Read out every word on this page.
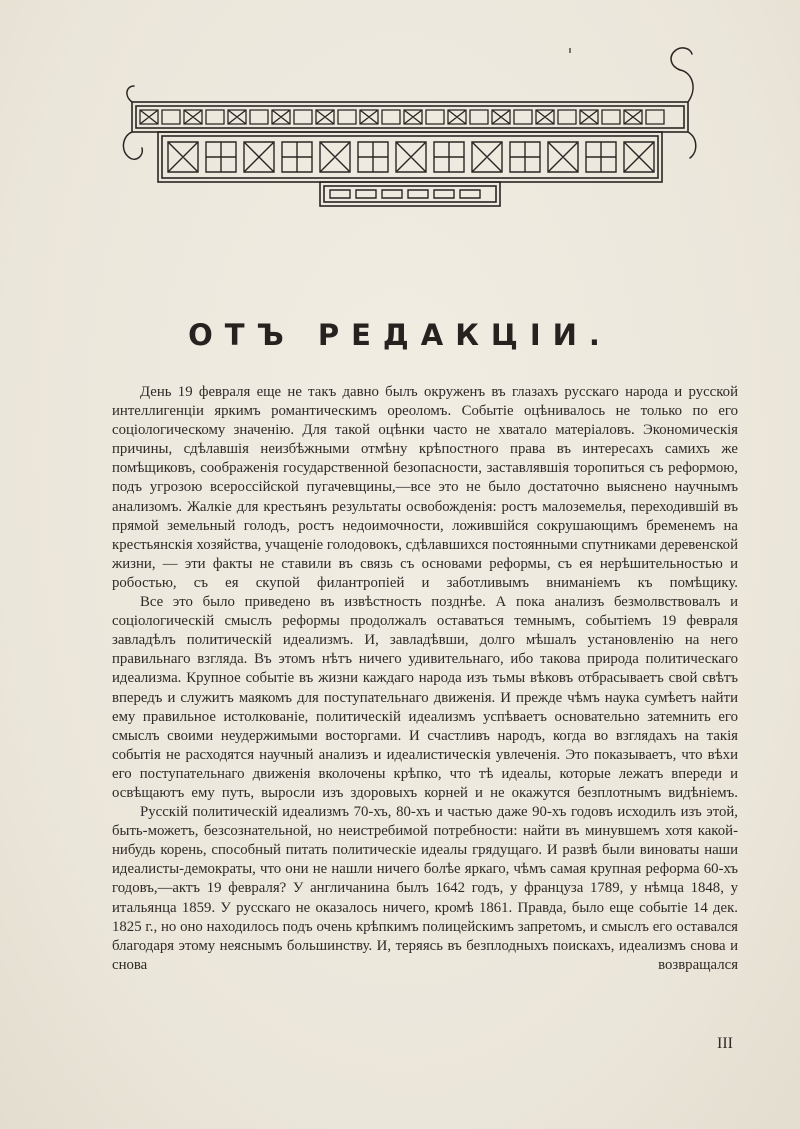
ОТЪ РЕДАКЦІИ.

День 19 февраля еще не такъ давно былъ окруженъ въ глазахъ русскаго народа и русской интеллигенціи яркимъ романтическимъ ореоломъ. Событіе оцѣнивалось не только по его соціологическому значенію. Для такой оцѣнки часто не хватало матеріаловъ. Экономическія причины, сдѣлавшія неизбѣжными отмѣну крѣпостного права въ интересахъ самихъ же помѣщиковъ, соображенія государственной безопасности, заставлявшія торопиться съ реформою, подъ угрозою всероссійской пугачевщины,—все это не было достаточно выяснено научнымъ анализомъ. Жалкіе для крестьянъ результаты освобожденія: ростъ малоземелья, переходившій въ прямой земельный голодъ, ростъ недоимочности, ложившійся сокрушающимъ бременемъ на крестьянскія хозяйства, учащеніе голодовокъ, сдѣлавшихся постоянными спутниками деревенской жизни, — эти факты не ставили въ связь съ основами реформы, съ ея нерѣшительностью и робостью, съ ея скупой филантропіей и заботливымъ вниманіемъ къ помѣщику.

Все это было приведено въ извѣстность позднѣе. А пока анализъ безмолвствовалъ и соціологическій смыслъ реформы продолжалъ оставаться темнымъ, событіемъ 19 февраля завладѣлъ политическій идеализмъ. И, завладѣвши, долго мѣшалъ установленію на него правильнаго взгляда. Въ этомъ нѣтъ ничего удивительнаго, ибо такова природа политическаго идеализма. Крупное событіе въ жизни каждаго народа изъ тьмы вѣковъ отбрасываетъ свой свѣтъ впередъ и служитъ маякомъ для поступательнаго движенія. И прежде чѣмъ наука сумѣетъ найти ему правильное истолкованіе, политическій идеализмъ успѣваетъ основательно затемнить его смыслъ своими неудержимыми восторгами. И счастливъ народъ, когда во взглядахъ на такія событія не расходятся научный анализъ и идеалистическія увлеченія. Это показываетъ, что вѣхи его поступательнаго движенія вколочены крѣпко, что тѣ идеалы, которые лежатъ впереди и освѣщаютъ ему путь, выросли изъ здоровыхъ корней и не окажутся безплотнымъ видѣніемъ.

Русскій политическій идеализмъ 70-хъ, 80-хъ и частью даже 90-хъ годовъ исходилъ изъ этой, быть-можетъ, безсознательной, но неистребимой потребности: найти въ минувшемъ хотя какой-нибудь корень, способный питать политическіе идеалы грядущаго. И развѣ были виноваты наши идеалисты-демократы, что они не нашли ничего болѣе яркаго, чѣмъ самая крупная реформа 60-хъ годовъ,—актъ 19 февраля? У англичанина былъ 1642 годъ, у француза 1789, у нѣмца 1848, у итальянца 1859. У русскаго не оказалось ничего, кромѣ 1861. Правда, было еще событіе 14 дек. 1825 г., но оно находилось подъ очень крѣпкимъ полицейскимъ запретомъ, и смыслъ его оставался благодаря этому неяснымъ большинству. И, теряясь въ безплодныхъ поискахъ, идеализмъ снова и снова возвращался

III
